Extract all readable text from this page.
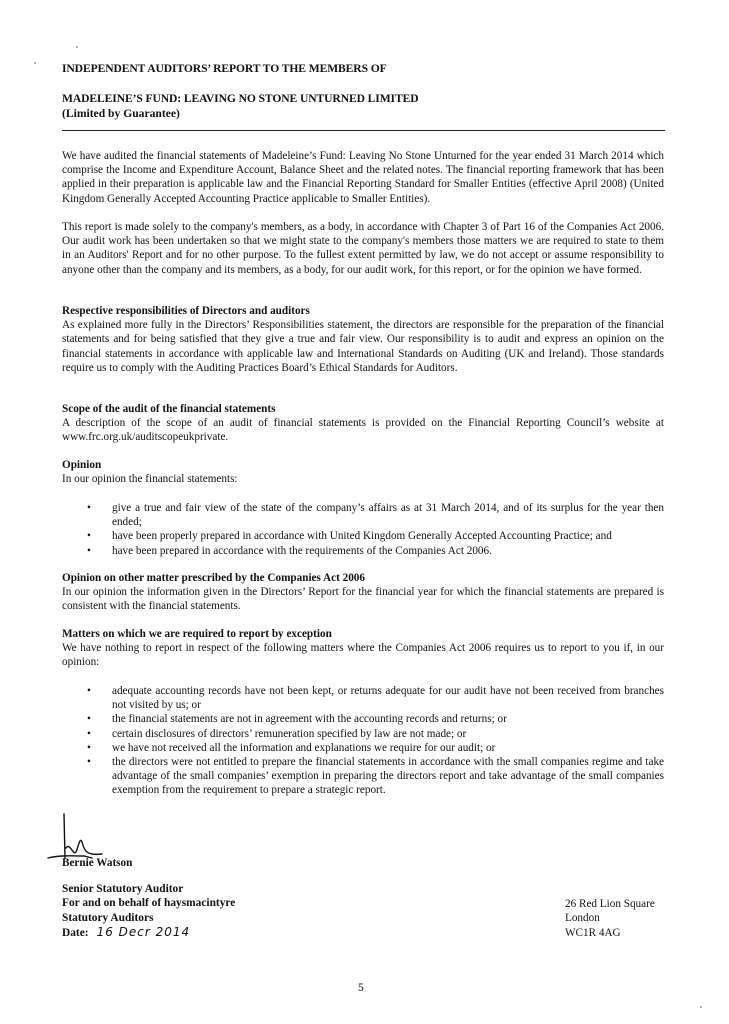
INDEPENDENT AUDITORS’ REPORT TO THE MEMBERS OF
MADELEINE’S FUND: LEAVING NO STONE UNTURNED LIMITED
(Limited by Guarantee)

We have audited the financial statements of Madeleine’s Fund: Leaving No Stone Unturned for the year ended 31 March 2014 which comprise the Income and Expenditure Account, Balance Sheet and the related notes. The financial reporting framework that has been applied in their preparation is applicable law and the Financial Reporting Standard for Smaller Entities (effective April 2008) (United Kingdom Generally Accepted Accounting Practice applicable to Smaller Entities).

This report is made solely to the company's members, as a body, in accordance with Chapter 3 of Part 16 of the Companies Act 2006. Our audit work has been undertaken so that we might state to the company's members those matters we are required to state to them in an Auditors' Report and for no other purpose. To the fullest extent permitted by law, we do not accept or assume responsibility to anyone other than the company and its members, as a body, for our audit work, for this report, or for the opinion we have formed.

Respective responsibilities of Directors and auditors

As explained more fully in the Directors’ Responsibilities statement, the directors are responsible for the preparation of the financial statements and for being satisfied that they give a true and fair view. Our responsibility is to audit and express an opinion on the financial statements in accordance with applicable law and International Standards on Auditing (UK and Ireland). Those standards require us to comply with the Auditing Practices Board’s Ethical Standards for Auditors.

Scope of the audit of the financial statements

A description of the scope of an audit of financial statements is provided on the Financial Reporting Council’s website at www.frc.org.uk/auditscopeukprivate.

Opinion

In our opinion the financial statements:

• give a true and fair view of the state of the company’s affairs as at 31 March 2014, and of its surplus for the year then ended;
• have been properly prepared in accordance with United Kingdom Generally Accepted Accounting Practice; and
• have been prepared in accordance with the requirements of the Companies Act 2006.
Opinion on other matter prescribed by the Companies Act 2006

In our opinion the information given in the Directors’ Report for the financial year for which the financial statements are prepared is consistent with the financial statements.

Matters on which we are required to report by exception

We have nothing to report in respect of the following matters where the Companies Act 2006 requires us to report to you if, in our opinion:

• adequate accounting records have not been kept, or returns adequate for our audit have not been received from branches not visited by us; or
• the financial statements are not in agreement with the accounting records and returns; or
• certain disclosures of directors’ remuneration specified by law are not made; or
• we have not received all the information and explanations we require for our audit; or
• the directors were not entitled to prepare the financial statements in accordance with the small companies regime and take advantage of the small companies’ exemption in preparing the directors report and take advantage of the small companies exemption from the requirement to prepare a strategic report.
Bernie Watson
Senior Statutory Auditor
For and on behalf of haysmacintyre
Statutory Auditors
Date: 16 Decr 2014
26 Red Lion Square
London
WC1R 4AG
5
